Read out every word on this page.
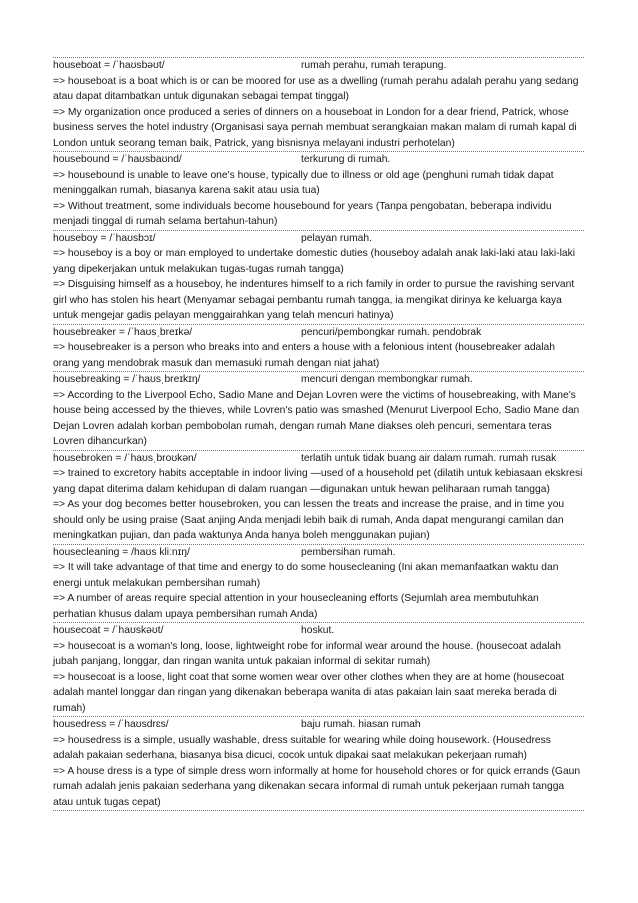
houseboat = /ˈhaʊsbəʊt/	rumah perahu, rumah terapung.
=> houseboat is a boat which is or can be moored for use as a dwelling (rumah perahu adalah perahu yang sedang atau dapat ditambatkan untuk digunakan sebagai tempat tinggal)
=> My organization once produced a series of dinners on a houseboat in London for a dear friend, Patrick, whose business serves the hotel industry (Organisasi saya pernah membuat serangkaian makan malam di rumah kapal di London untuk seorang teman baik, Patrick, yang bisnisnya melayani industri perhotelan)
housebound = /ˈhaʊsbaʊnd/	terkurung di rumah.
=> housebound is unable to leave one's house, typically due to illness or old age (penghuni rumah tidak dapat meninggalkan rumah, biasanya karena sakit atau usia tua)
=> Without treatment, some individuals become housebound for years (Tanpa pengobatan, beberapa individu menjadi tinggal di rumah selama bertahun-tahun)
houseboy = /ˈhaʊsbɔɪ/	pelayan rumah.
=> houseboy is a boy or man employed to undertake domestic duties (houseboy adalah anak laki-laki atau laki-laki yang dipekerjakan untuk melakukan tugas-tugas rumah tangga)
=> Disguising himself as a houseboy, he indentures himself to a rich family in order to pursue the ravishing servant girl who has stolen his heart (Menyamar sebagai pembantu rumah tangga, ia mengikat dirinya ke keluarga kaya untuk mengejar gadis pelayan menggairahkan yang telah mencuri hatinya)
housebreaker = /ˈhaʊsˌbreɪkə/	pencuri/pembongkar rumah. pendobrak
=> housebreaker is a person who breaks into and enters a house with a felonious intent (housebreaker adalah orang yang mendobrak masuk dan memasuki rumah dengan niat jahat)
housebreaking = /ˈhaʊsˌbreɪkɪŋ/	mencuri dengan membongkar rumah.
=> According to the Liverpool Echo, Sadio Mane and Dejan Lovren were the victims of housebreaking, with Mane's house being accessed by the thieves, while Lovren's patio was smashed (Menurut Liverpool Echo, Sadio Mane dan Dejan Lovren adalah korban pembobolan rumah, dengan rumah Mane diakses oleh pencuri, sementara teras Lovren dihancurkan)
housebroken = /ˈhaʊsˌbroʊkən/	terlatih untuk tidak buang air dalam rumah. rumah rusak
=> trained to excretory habits acceptable in indoor living —used of a household pet (dilatih untuk kebiasaan ekskresi yang dapat diterima dalam kehidupan di dalam ruangan —digunakan untuk hewan peliharaan rumah tangga)
=> As your dog becomes better housebroken, you can lessen the treats and increase the praise, and in time you should only be using praise (Saat anjing Anda menjadi lebih baik di rumah, Anda dapat mengurangi camilan dan meningkatkan pujian, dan pada waktunya Anda hanya boleh menggunakan pujian)
housecleaning = /haʊs kliːnɪŋ/	pembersihan rumah.
=> It will take advantage of that time and energy to do some housecleaning (Ini akan memanfaatkan waktu dan energi untuk melakukan pembersihan rumah)
=> A number of areas require special attention in your housecleaning efforts (Sejumlah area membutuhkan perhatian khusus dalam upaya pembersihan rumah Anda)
housecoat = /ˈhaʊskəʊt/	hoskut.
=> housecoat is a woman's long, loose, lightweight robe for informal wear around the house. (housecoat adalah jubah panjang, longgar, dan ringan wanita untuk pakaian informal di sekitar rumah)
=> housecoat is a loose, light coat that some women wear over other clothes when they are at home (housecoat adalah mantel longgar dan ringan yang dikenakan beberapa wanita di atas pakaian lain saat mereka berada di rumah)
housedress = /ˈhaʊsdrɛs/	baju rumah. hiasan rumah
=> housedress is a simple, usually washable, dress suitable for wearing while doing housework. (Housedress adalah pakaian sederhana, biasanya bisa dicuci, cocok untuk dipakai saat melakukan pekerjaan rumah)
=> A house dress is a type of simple dress worn informally at home for household chores or for quick errands (Gaun rumah adalah jenis pakaian sederhana yang dikenakan secara informal di rumah untuk pekerjaan rumah tangga atau untuk tugas cepat)
